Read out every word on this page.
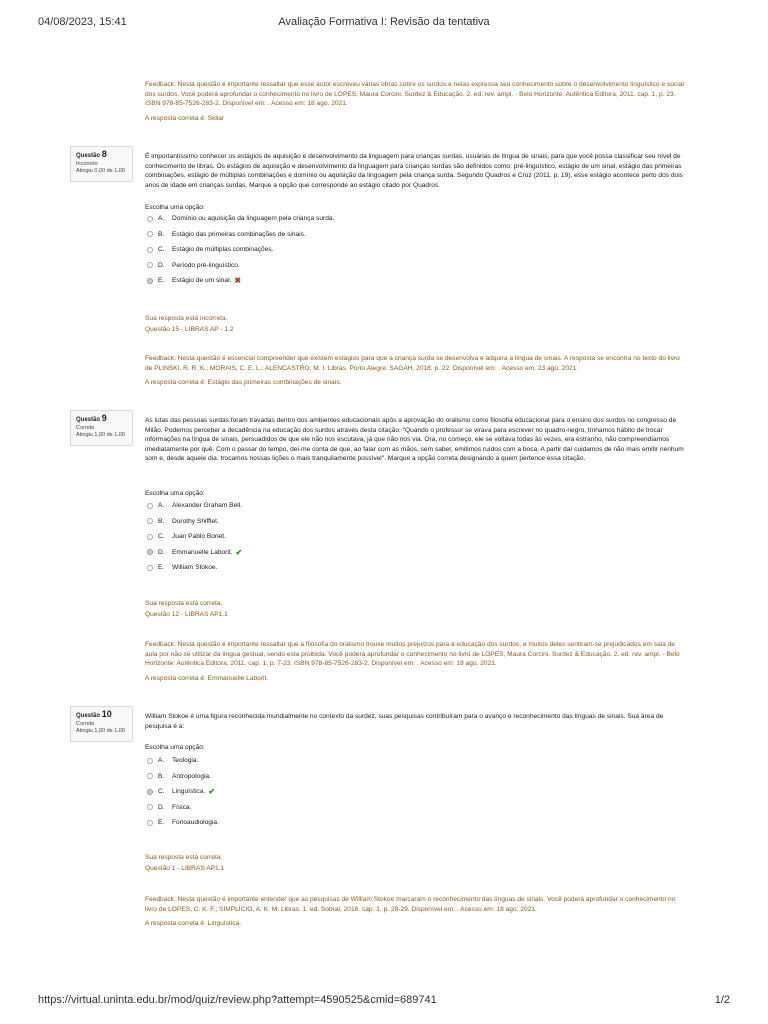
04/08/2023, 15:41	Avaliação Formativa I: Revisão da tentativa

Feedback: Nesta questão é importante ressaltar que esse autor escreveu várias obras sobre os surdos e nelas expressa seu conhecimento sobre o desenvolvimento linguístico e social dos surdos. Você poderá aprofundar o conhecimento no livro de LOPES, Maura Corcini. Surdez & Educação. 2. ed. rev. ampl. - Belo Horizonte: Autêntica Editora, 2011. cap. 1, p. 23. ISBN 978-85-7526-283-2. Disponível em: . Acesso em: 18 ago. 2021.

A resposta correta é: Skliar

Questão 8
Incorreto
Atingiu 0,00 de 1,00
É importantíssimo conhecer os estágios de aquisição e desenvolvimento da linguagem para crianças surdas, usuárias de língua de sinais, para que você possa classificar seu nível de conhecimento de libras. Os estágios de aquisição e desenvolvimento da linguagem para crianças surdas são definidos como: pré-linguístico, estágio de um sinal, estágio das primeiras combinações, estágio de múltiplas combinações e domínio ou aquisição da linguagem pela criança surda. Segundo Quadros e Cruz (2011, p. 19), esse estágio acontece perto dos dois anos de idade em crianças surdas. Marque a opção que corresponde ao estágio citado por Quadros.
Escolha uma opção:
A.	Domínio ou aquisição da linguagem pela criança surda.
B.	Estágio das primeiras combinações de sinais.
C.	Estágio de múltiplas combinações.
D.	Período pré-linguístico.
E.	Estágio de um sinal. ✖
Sua resposta está incorreta.
Questão 15 - LIBRAS AP - 1.2

Feedback: Nesta questão é essencial compreender que existem estágios para que a criança surda se desenvolva e adquira a língua de sinais. A resposta se encontra no texto do livro de PLINSKI, R. R. K.; MORAIS, C. E. L.; ALENCASTRO, M. I. Libras. Porto Alegre: SAGAH, 2018, p. 22. Disponível em: . Acesso em: 23 ago. 2021.

A resposta correta é: Estágio das primeiras combinações de sinais.

Questão 9
Correto
Atingiu 1,00 de 1,00
As lutas das pessoas surdas foram travadas dentro dos ambientes educacionais após a aprovação do oralismo como filosofia educacional para o ensino dos surdos no congresso de Milão. Podemos perceber a decadência na educação dos surdos através desta citação: "Quando o professor se virava para escrever no quadro-negro, tínhamos hábito de trocar informações na língua de sinais, persuadidos de que ele não nos escutava, já que não nos via. Ora, no começo, ele se voltava todas às vezes, era estranho, não compreendíamos imediatamente por quê. Com o passar do tempo, dei-me conta de que, ao falar com as mãos, sem saber, emitimos ruídos com a boca. A partir daí cuidamos de não mais emitir nenhum som e, desde aquele dia, trocamos nossas lições o mais tranquilamente possível". Marque a opção correta designando a quem pertence essa citação.
Escolha uma opção:
A.	Alexander Graham Bell.
B.	Dorothy Shifflet.
C.	Juan Pablo Bonet.
D.	Emmanuelle Laborit. ✔
E.	William Stokoe.
Sua resposta está correta.
Questão 12 - LIBRAS AP1.1

Feedback: Nesta questão é importante ressaltar que a filosofia do oralismo trouxe muitos prejuízos para a educação dos surdos, e muitos deles sentiram-se prejudicados em sala de aula por não se utilizar da língua gestual, sendo esta proibida. Você poderá aprofundar o conhecimento no livro de LOPES, Maura Corcini. Surdez & Educação. 2. ed. rev. ampl. - Belo Horizonte: Autêntica Editora, 2011. cap. 1, p. 7-23. ISBN 978-85-7526-283-2. Disponível em: . Acesso em: 18 ago. 2021.

A resposta correta é: Emmanuelle Laborit.

Questão 10
Correto
Atingiu 1,00 de 1,00
William Stokoe é uma figura reconhecida mundialmente no contexto da surdez, suas pesquisas contribuíram para o avanço e reconhecimento das línguas de sinais. Sua área de pesquisa é a:
Escolha uma opção:
A.	Teologia.
B.	Antropologia.
C.	Linguística. ✔
D.	Física.
E.	Fonoaudiologia.
Sua resposta está correta.
Questão 1 - LIBRAS AP1.1

Feedback: Nesta questão é importante entender que as pesquisas de William Stokoe marcaram o reconhecimento das línguas de sinais. Você poderá aprofundar o conhecimento no livro de LOPES, C. K. F.; SIMPLÍCIO, A. K. M. Libras. 1. ed. Sobral, 2016. cap. 1, p. 28-29. Disponível em: . Acesso em: 18 ago. 2021.

A resposta correta é: Linguística.

https://virtual.uninta.edu.br/mod/quiz/review.php?attempt=4590525&cmid=689741	1/2
